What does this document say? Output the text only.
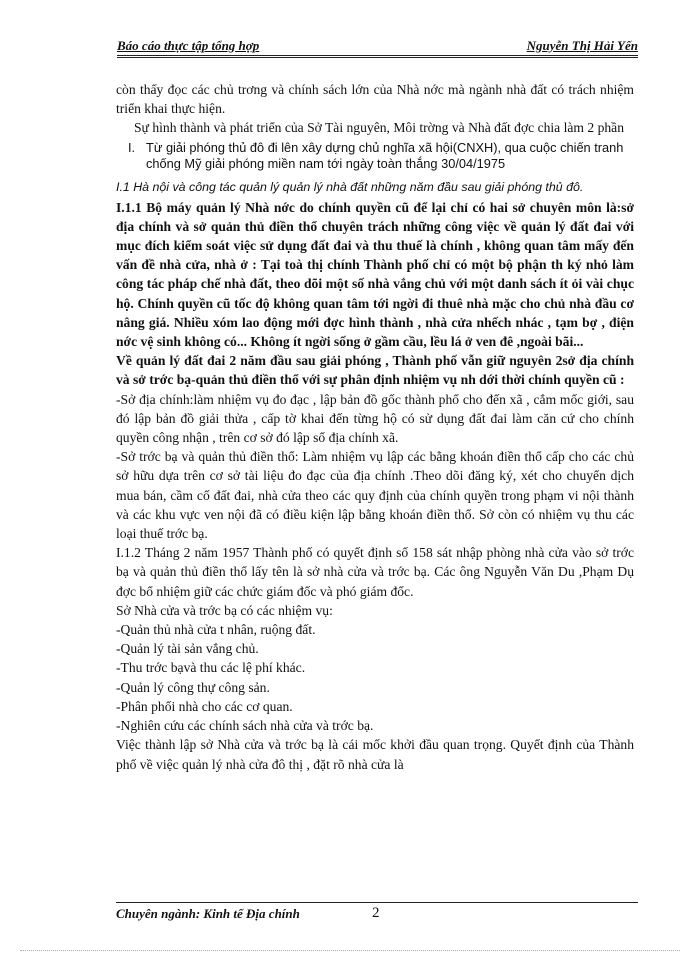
Báo cáo thực tập tổng hợp	Nguyễn Thị Hải Yến

còn thấy đọc các chủ trơng và chính sách lớn của Nhà nớc mà ngành nhà đất có trách nhiệm triển khai thực hiện.

Sự hình thành và phát triển của Sở Tài nguyên, Môi trờng và Nhà đất đợc chia làm 2 phần

I. Từ giải phóng thủ đô đi lên xây dựng chủ nghĩa xã hội(CNXH), qua cuộc chiến tranh chống Mỹ giải phóng miền nam tới ngày toàn thắng 30/04/1975

I.1 Hà nội và công tác quản lý quản lý nhà đất những năm đầu sau giải phóng thủ đô.

I.1.1 Bộ máy quản lý Nhà nớc do chính quyền cũ để lại chỉ có hai sở chuyên môn là:sở địa chính và sở quản thủ điền thổ chuyên trách những công việc về quản lý đất đai với mục đích kiểm soát việc sử dụng đất đai và thu thuế là chính , không quan tâm mấy đến vấn đề nhà cửa, nhà ở : Tại toà thị chính Thành phố chỉ có một bộ phận th ký nhỏ làm công tác pháp chế nhà đất, theo dõi một số nhà vắng chủ với một danh sách ít ỏi vài chục hộ. Chính quyền cũ tốc độ không quan tâm tới ngời đi thuê nhà mặc cho chủ nhà đầu cơ nâng giá. Nhiều xóm lao động mới đợc hình thành , nhà cửa nhếch nhác , tạm bợ , điện nớc vệ sinh không có... Không ít ngời sống ở gầm cầu, lều lá ở ven đê ,ngoài bãi...

Về quản lý đất đai 2 năm đầu sau giải phóng , Thành phố vẫn giữ nguyên 2sở địa chính và sở trớc bạ-quản thủ điền thổ với sự phân định nhiệm vụ nh dới thời chính quyền cũ :

-Sở địa chính:làm nhiệm vụ đo đạc , lập bản đồ gốc thành phố cho đến xã , cắm mốc giới, sau đó lập bản đồ giải thửa , cấp tờ khai đến từng hộ có sử dụng đất đai làm căn cứ cho chính quyền công nhận , trên cơ sở đó lập sổ địa chính xã.

-Sở trớc bạ và quản thủ điền thổ: Làm nhiệm vụ lập các bằng khoán điền thổ cấp cho các chủ sở hữu dựa trên cơ sở tài liệu đo đạc của địa chính .Theo dõi đăng ký, xét cho chuyển dịch mua bán, cầm cố đất đai, nhà cửa theo các quy định của chính quyền trong phạm vi nội thành và các khu vực ven nội đã có điều kiện lập bằng khoán điền thổ. Sở còn có nhiệm vụ thu các loại thuế trớc bạ.

I.1.2 Tháng 2 năm 1957 Thành phố có quyết định số 158 sát nhập phòng nhà cửa vào sở trớc bạ và quản thủ điền thổ lấy tên là sở nhà cửa và trớc bạ. Các ông Nguyễn Văn Du ,Phạm Dụ đợc bổ nhiệm giữ các chức giám đốc và phó giám đốc.

Sở Nhà cửa và trớc bạ có các nhiệm vụ:

-Quản thủ nhà cửa t nhân, ruộng đất.

-Quản lý tài sản vắng chủ.

-Thu trớc bạvà thu các lệ phí khác.

-Quản lý công thự công sản.

-Phân phối nhà cho các cơ quan.

-Nghiên cứu các chính sách nhà cửa và trớc bạ.

Việc thành lập sở Nhà cửa và trớc bạ là cái mốc khởi đầu quan trọng. Quyết định của Thành phố về việc quản lý nhà cửa đô thị , đặt rõ nhà cửa là

Chuyên ngành: Kinh tế Địa chính	2
